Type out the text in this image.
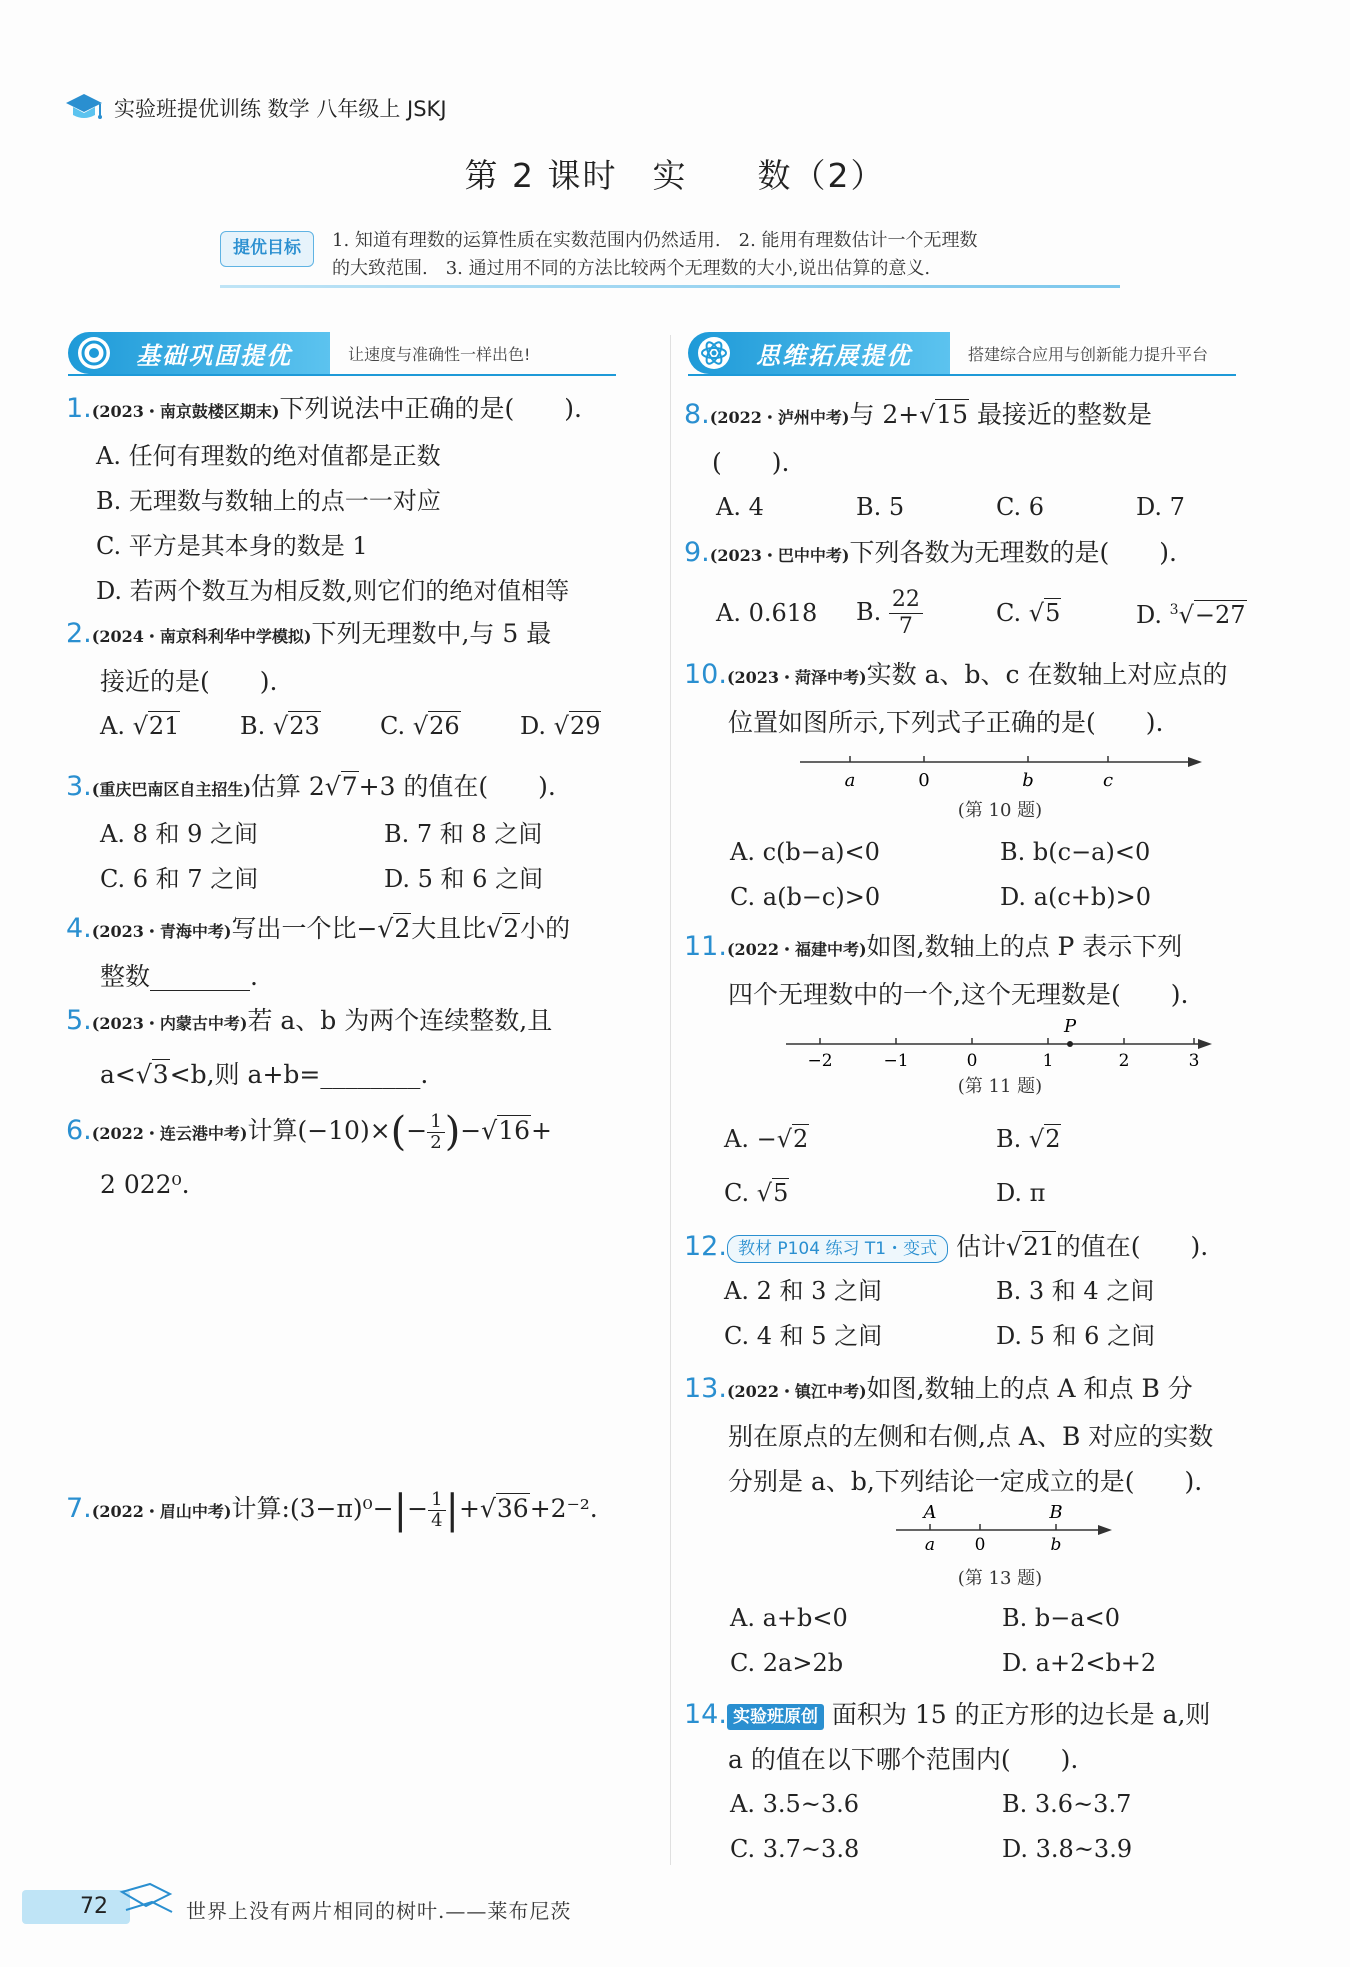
实验班提优训练 数学 八年级上 JSKJ
第 2 课时　实　　数（2）
提优目标	1. 知道有理数的运算性质在实数范围内仍然适用.　2. 能用有理数估计一个无理数
的大致范围.　3. 通过用不同的方法比较两个无理数的大小,说出估算的意义.
基础巩固提优	让速度与准确性一样出色!	思维拓展提优	搭建综合应用与创新能力提升平台
1.(2023・南京鼓楼区期末)下列说法中正确的是(　　).
A. 任何有理数的绝对值都是正数
B. 无理数与数轴上的点一一对应
C. 平方是其本身的数是 1
D. 若两个数互为相反数,则它们的绝对值相等
2.(2024・南京科利华中学模拟)下列无理数中,与 5 最
接近的是(　　).
A. √21	B. √23	C. √26	D. √29
3.(重庆巴南区自主招生)估算 2√7+3 的值在(　　).
A. 8 和 9 之间	B. 7 和 8 之间
C. 6 和 7 之间	D. 5 和 6 之间
4.(2023・青海中考)写出一个比−√2大且比√2小的
整数________.
5.(2023・内蒙古中考)若 a、b 为两个连续整数,且
a<√3<b,则 a+b=________.
6.(2022・连云港中考)计算$(-10)\times(- \frac{1}{2} )-√16+$
2 022⁰.
7.(2022・眉山中考)计算:(3−π)⁰−|− $\frac{1}{4} |+√36+2^{-2}$.
8.(2022・泸州中考)与 2+√15 最接近的整数是
(　　).
A. 4	B. 5	C. 6	D. 7
9.(2023・巴中中考)下列各数为无理数的是(　　).
A. 0.618	B. $\frac{22}{7}$	C. √5	D. $^3$√−27
10.(2023・菏泽中考)实数 a、b、c 在数轴上对应点的
位置如图所示,下列式子正确的是(　　).
a	0	b	c
(第 10 题)
A. c(b−a)<0	B. b(c−a)<0
C. a(b−c)>0	D. a(c+b)>0
11.(2022・福建中考)如图,数轴上的点 P 表示下列
四个无理数中的一个,这个无理数是(　　).
P
−2	−1	0	1	2	3
(第 11 题)
A. −√2	B. √2
C. √5	D. π
12. 教材 P104 练习 T1・变式 估计√21的值在(　　).
A. 2 和 3 之间	B. 3 和 4 之间
C. 4 和 5 之间	D. 5 和 6 之间
13.(2022・镇江中考)如图,数轴上的点 A 和点 B 分
别在原点的左侧和右侧,点 A、B 对应的实数
分别是 a、b,下列结论一定成立的是(　　).
A	B
a 0	b
(第 13 题)
A. a+b<0	B. b−a<0
C. 2a>2b	D. a+2<b+2
14. 实验班原创 面积为 15 的正方形的边长是 a,则
a 的值在以下哪个范围内(　　).
A. 3.5~3.6	B. 3.6~3.7
C. 3.7~3.8	D. 3.8~3.9
72	世界上没有两片相同的树叶.——莱布尼茨
